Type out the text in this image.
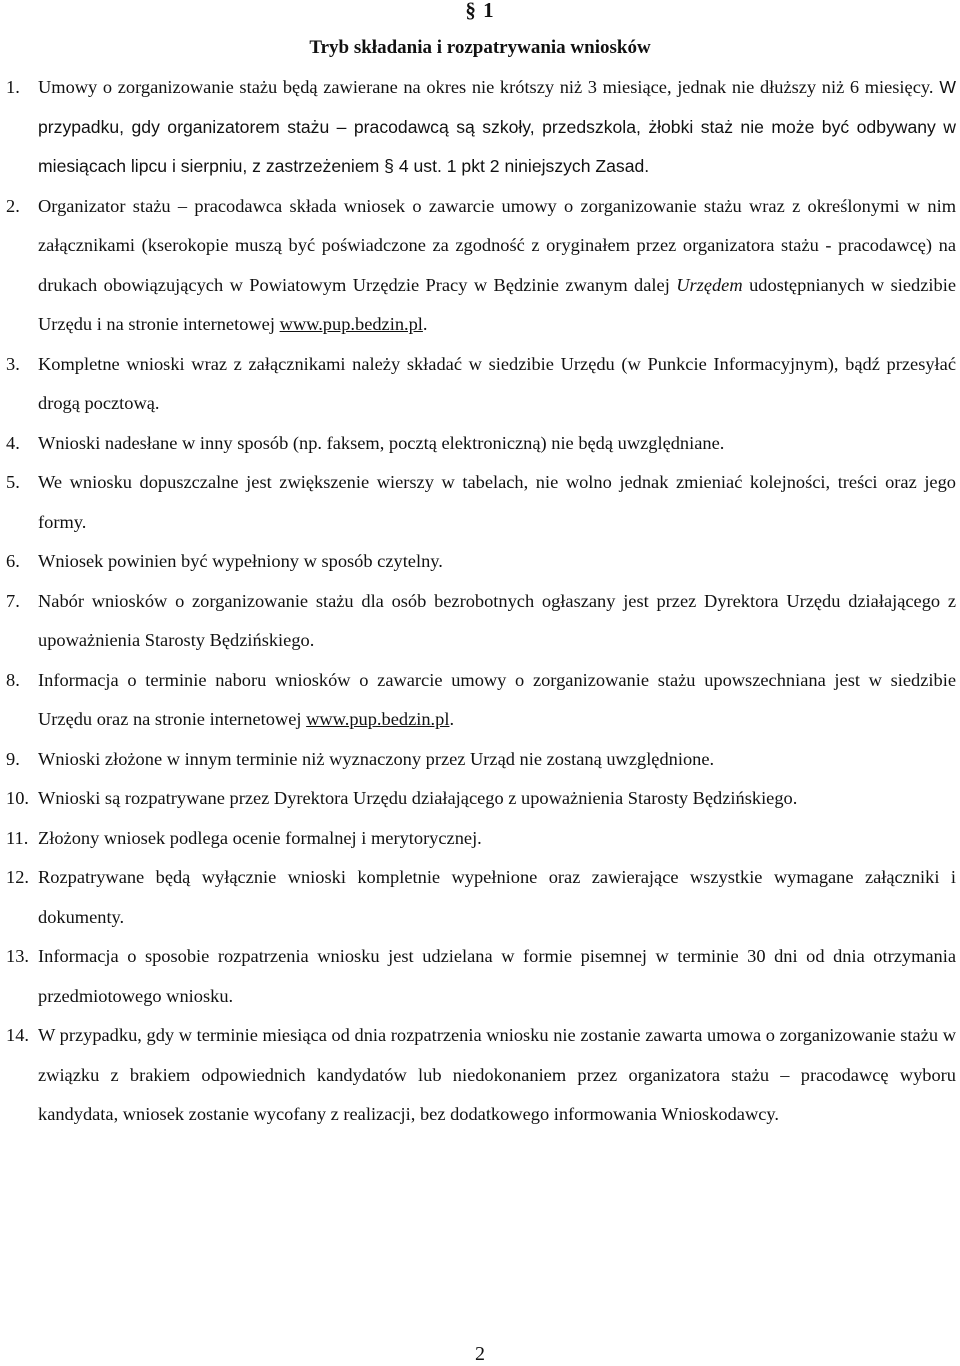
§ 1
Tryb składania i rozpatrywania wniosków
1. Umowy o zorganizowanie stażu będą zawierane na okres nie krótszy niż 3 miesiące, jednak nie dłuższy niż 6 miesięcy. W przypadku, gdy organizatorem stażu – pracodawcą są szkoły, przedszkola, żłobki staż nie może być odbywany w miesiącach lipcu i sierpniu, z zastrzeżeniem § 4 ust. 1 pkt 2 niniejszych Zasad.
2. Organizator stażu – pracodawca składa wniosek o zawarcie umowy o zorganizowanie stażu wraz z określonymi w nim załącznikami (kserokopie muszą być poświadczone za zgodność z oryginałem przez organizatora stażu - pracodawcę) na drukach obowiązujących w Powiatowym Urzędzie Pracy w Będzinie zwanym dalej Urzędem udostępnianych w siedzibie Urzędu i na stronie internetowej www.pup.bedzin.pl.
3. Kompletne wnioski wraz z załącznikami należy składać w siedzibie Urzędu (w Punkcie Informacyjnym), bądź przesyłać drogą pocztową.
4. Wnioski nadesłane w inny sposób (np. faksem, pocztą elektroniczną) nie będą uwzględniane.
5. We wniosku dopuszczalne jest zwiększenie wierszy w tabelach, nie wolno jednak zmieniać kolejności, treści oraz jego formy.
6. Wniosek powinien być wypełniony w sposób czytelny.
7. Nabór wniosków o zorganizowanie stażu dla osób bezrobotnych ogłaszany jest przez Dyrektora Urzędu działającego z upoważnienia Starosty Będzińskiego.
8. Informacja o terminie naboru wniosków o zawarcie umowy o zorganizowanie stażu upowszechniana jest w siedzibie Urzędu oraz na stronie internetowej www.pup.bedzin.pl.
9. Wnioski złożone w innym terminie niż wyznaczony przez Urząd nie zostaną uwzględnione.
10. Wnioski są rozpatrywane przez Dyrektora Urzędu działającego z upoważnienia Starosty Będzińskiego.
11. Złożony wniosek podlega ocenie formalnej i merytorycznej.
12. Rozpatrywane będą wyłącznie wnioski kompletnie wypełnione oraz zawierające wszystkie wymagane załączniki i dokumenty.
13. Informacja o sposobie rozpatrzenia wniosku jest udzielana w formie pisemnej w terminie 30 dni od dnia otrzymania przedmiotowego wniosku.
14. W przypadku, gdy w terminie miesiąca od dnia rozpatrzenia wniosku nie zostanie zawarta umowa o zorganizowanie stażu w związku z brakiem odpowiednich kandydatów lub niedokonaniem przez organizatora stażu – pracodawcę wyboru kandydata, wniosek zostanie wycofany z realizacji, bez dodatkowego informowania Wnioskodawcy.
2
